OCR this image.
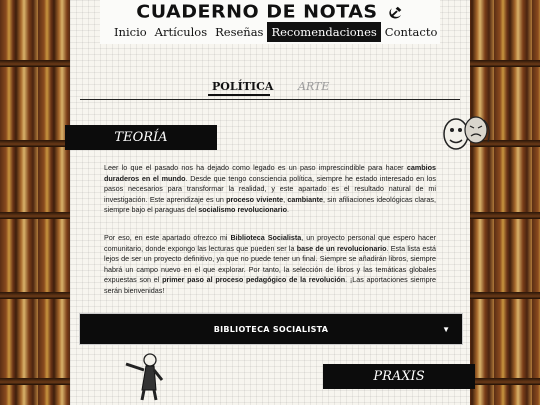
CUADERNO DE NOTAS
Inicio Artículos Reseñas Recomendaciones Contacto
POLÍTICA ARTE
TEORÍA

Leer lo que el pasado nos ha dejado como legado es un paso imprescindible para hacer cambios duraderos en el mundo. Desde que tengo consciencia política, siempre he estado interesado en los pasos necesarios para transformar la realidad, y este apartado es el resultado natural de mi investigación. Este aprendizaje es un proceso viviente, cambiante, sin afiliaciones ideológicas claras, siempre bajo el paraguas del socialismo revolucionario.

Por eso, en este apartado ofrezco mi Biblioteca Socialista, un proyecto personal que espero hacer comunitario, donde expongo las lecturas que pueden ser la base de un revolucionario. Esta lista está lejos de ser un proyecto definitivo, ya que no puede tener un final. Siempre se añadirán libros, siempre habrá un campo nuevo en el que explorar. Por tanto, la selección de libros y las temáticas globales expuestas son el primer paso al proceso pedagógico de la revolución. ¡Las aportaciones siempre serán bienvenidas!

BIBLIOTECA SOCIALISTA	▼
PRAXIS
